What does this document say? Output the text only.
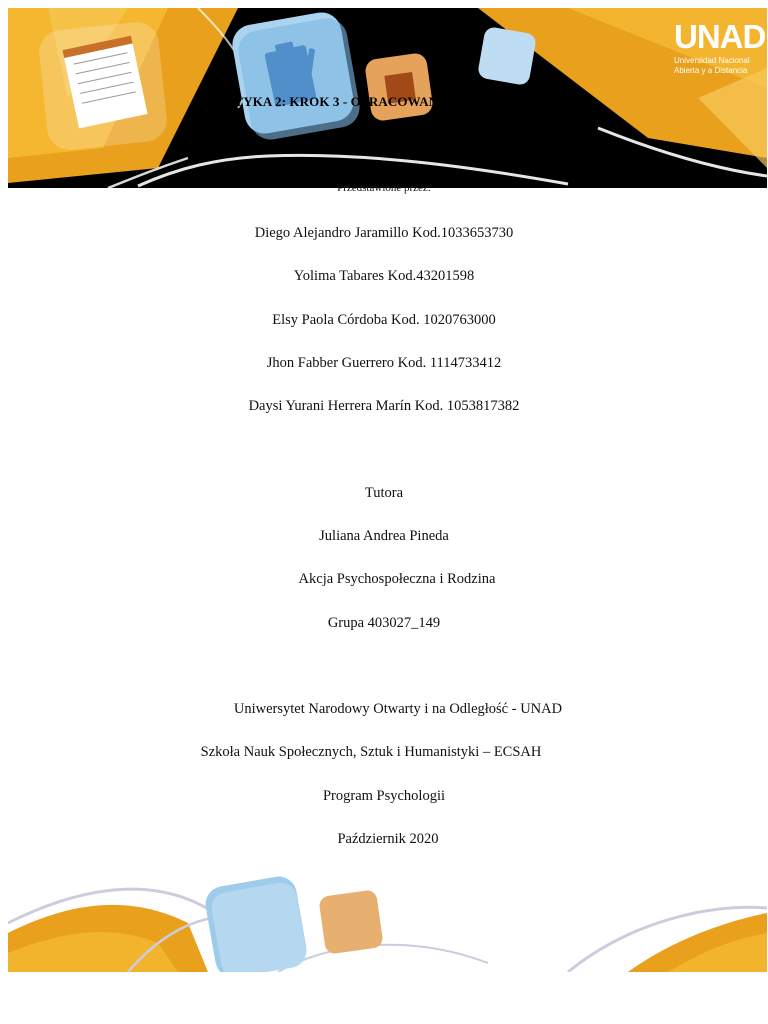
TEMATYKA 2: KROK 3 - OPRACOWANIE
UNAD
Universidad Nacional
Abierta y a Distancia
Przedstawione przez:
Diego Alejandro Jaramillo Kod.1033653730
Yolima Tabares Kod.43201598
Elsy Paola Córdoba Kod. 1020763000
Jhon Fabber Guerrero Kod. 1114733412
Daysi Yurani Herrera Marín Kod. 1053817382
Tutora
Juliana Andrea Pineda
Akcja Psychospołeczna i Rodzina
Grupa 403027_149
Uniwersytet Narodowy Otwarty i na Odległość - UNAD
Szkoła Nauk Społecznych, Sztuk i Humanistyki – ECSAH
Program Psychologii
Październik 2020
